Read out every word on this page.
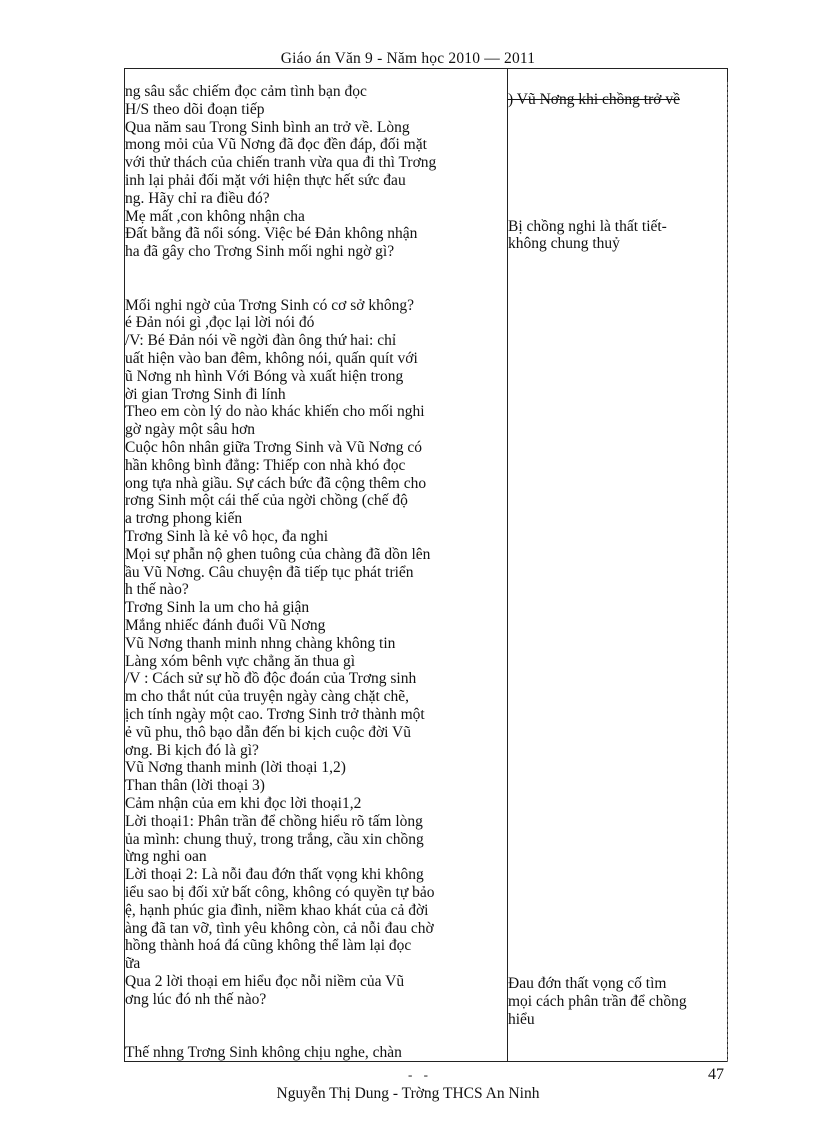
Giáo án Văn 9 - Năm học 2010 — 2011
ng sâu sắc chiếm đọc cảm tình bạn đọc
H/S theo dõi đoạn tiếp
Qua năm sau Trong Sinh bình an trở về. Lòng
mong mỏi của Vũ Nơng đã đọc đền đáp, đối mặt
với thử thách của chiến tranh vừa qua đi thì Trơng
inh lại phải đối mặt với hiện thực hết sức đau
ng. Hãy chỉ ra điều đó?
Mẹ mất ,con không nhận cha
Đất bằng đã nổi sóng. Việc bé Đản không nhận
ha đã gây cho Trơng Sinh mối nghi ngờ gì?
Mối nghi ngờ của Trơng Sinh có cơ sở không?
é Đản nói gì ,đọc lại lời nói đó
/V: Bé Đản nói về ngời đàn ông thứ hai: chỉ
uất hiện vào ban đêm, không nói, quấn quít với
ũ Nơng nh hình Với Bóng và xuất hiện trong
ời gian Trơng Sinh đi lính
Theo em còn lý do nào khác khiến cho mối nghi
gờ ngày một sâu hơn
Cuộc hôn nhân giữa Trơng Sinh và Vũ Nơng có
hần không bình đẳng: Thiếp con nhà khó đọc
ong tựa nhà giầu. Sự cách bức đã cộng thêm cho
rơng Sinh một cái thế của ngời chồng (chế độ
a trơng phong kiến
Trơng Sinh là kẻ vô học, đa nghi
Mọi sự phẫn nộ ghen tuông của chàng đã dồn lên
ầu Vũ Nơng. Câu chuyện đã tiếp tục phát triển
h thế nào?
Trơng Sinh la um cho hả giận
Mắng nhiếc đánh đuổi Vũ Nơng
Vũ Nơng thanh minh nhng chàng không tin
Làng xóm bênh vực chẳng ăn thua gì
/V : Cách sử sự hồ đồ độc đoán của Trơng sinh
m cho thắt nút của truyện ngày càng chặt chẽ,
ịch tính ngày một cao. Trơng Sinh trở thành một
ẻ vũ phu, thô bạo dẫn đến bi kịch cuộc đời Vũ
ơng. Bi kịch đó là gì?
Vũ Nơng thanh minh (lời thoại 1,2)
Than thân (lời thoại 3)
Cảm nhận của em khi đọc lời thoại1,2
Lời thoại1: Phân trần để chồng hiểu rõ tấm lòng
ủa mình: chung thuỷ, trong trắng, cầu xin chồng
ừng nghi oan
Lời thoại 2: Là nỗi đau đớn thất vọng khi không
iểu sao bị đối xử bất công, không có quyền tự bảo
ệ, hạnh phúc gia đình, niềm khao khát của cả đời
àng đã tan vỡ, tình yêu không còn, cả nỗi đau chờ
hồng thành hoá đá cũng không thể làm lại đọc
ữa
Qua 2 lời thoại em hiểu đọc nỗi niềm của Vũ
ơng lúc đó nh thế nào?
Thế nhng Trơng Sinh không chịu nghe, chàn
) Vũ Nơng khi chồng trở về
Bị chồng nghi là thất tiết-
không chung thuỷ
Đau đớn thất vọng cố tìm
mọi cách phân trần để chồng
hiểu
- -	47
Nguyễn Thị Dung - Trờng THCS An Ninh
